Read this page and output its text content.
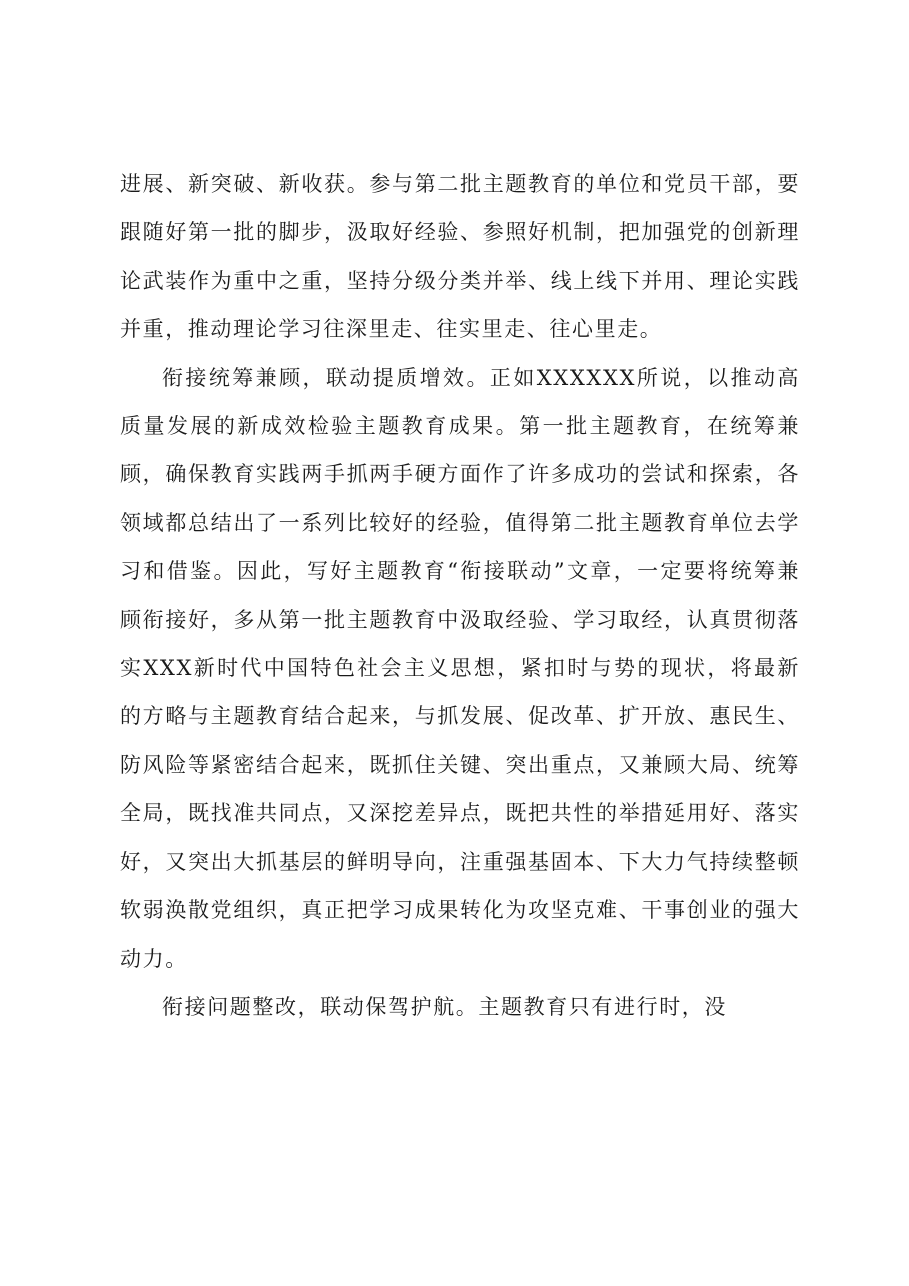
进展、新突破、新收获。参与第二批主题教育的单位和党员干部，要跟随好第一批的脚步，汲取好经验、参照好机制，把加强党的创新理论武装作为重中之重，坚持分级分类并举、线上线下并用、理论实践并重，推动理论学习往深里走、往实里走、往心里走。

衔接统筹兼顾，联动提质增效。正如XXXXXX所说，以推动高质量发展的新成效检验主题教育成果。第一批主题教育，在统筹兼顾，确保教育实践两手抓两手硬方面作了许多成功的尝试和探索，各领域都总结出了一系列比较好的经验，值得第二批主题教育单位去学习和借鉴。因此，写好主题教育“衔接联动”文章，一定要将统筹兼顾衔接好，多从第一批主题教育中汲取经验、学习取经，认真贯彻落实XXX新时代中国特色社会主义思想，紧扣时与势的现状，将最新的方略与主题教育结合起来，与抓发展、促改革、扩开放、惠民生、防风险等紧密结合起来，既抓住关键、突出重点，又兼顾大局、统筹全局，既找准共同点，又深挖差异点，既把共性的举措延用好、落实好，又突出大抓基层的鲜明导向，注重强基固本、下大力气持续整顿软弱涣散党组织，真正把学习成果转化为攻坚克难、干事创业的强大动力。

衔接问题整改，联动保驾护航。主题教育只有进行时，没
